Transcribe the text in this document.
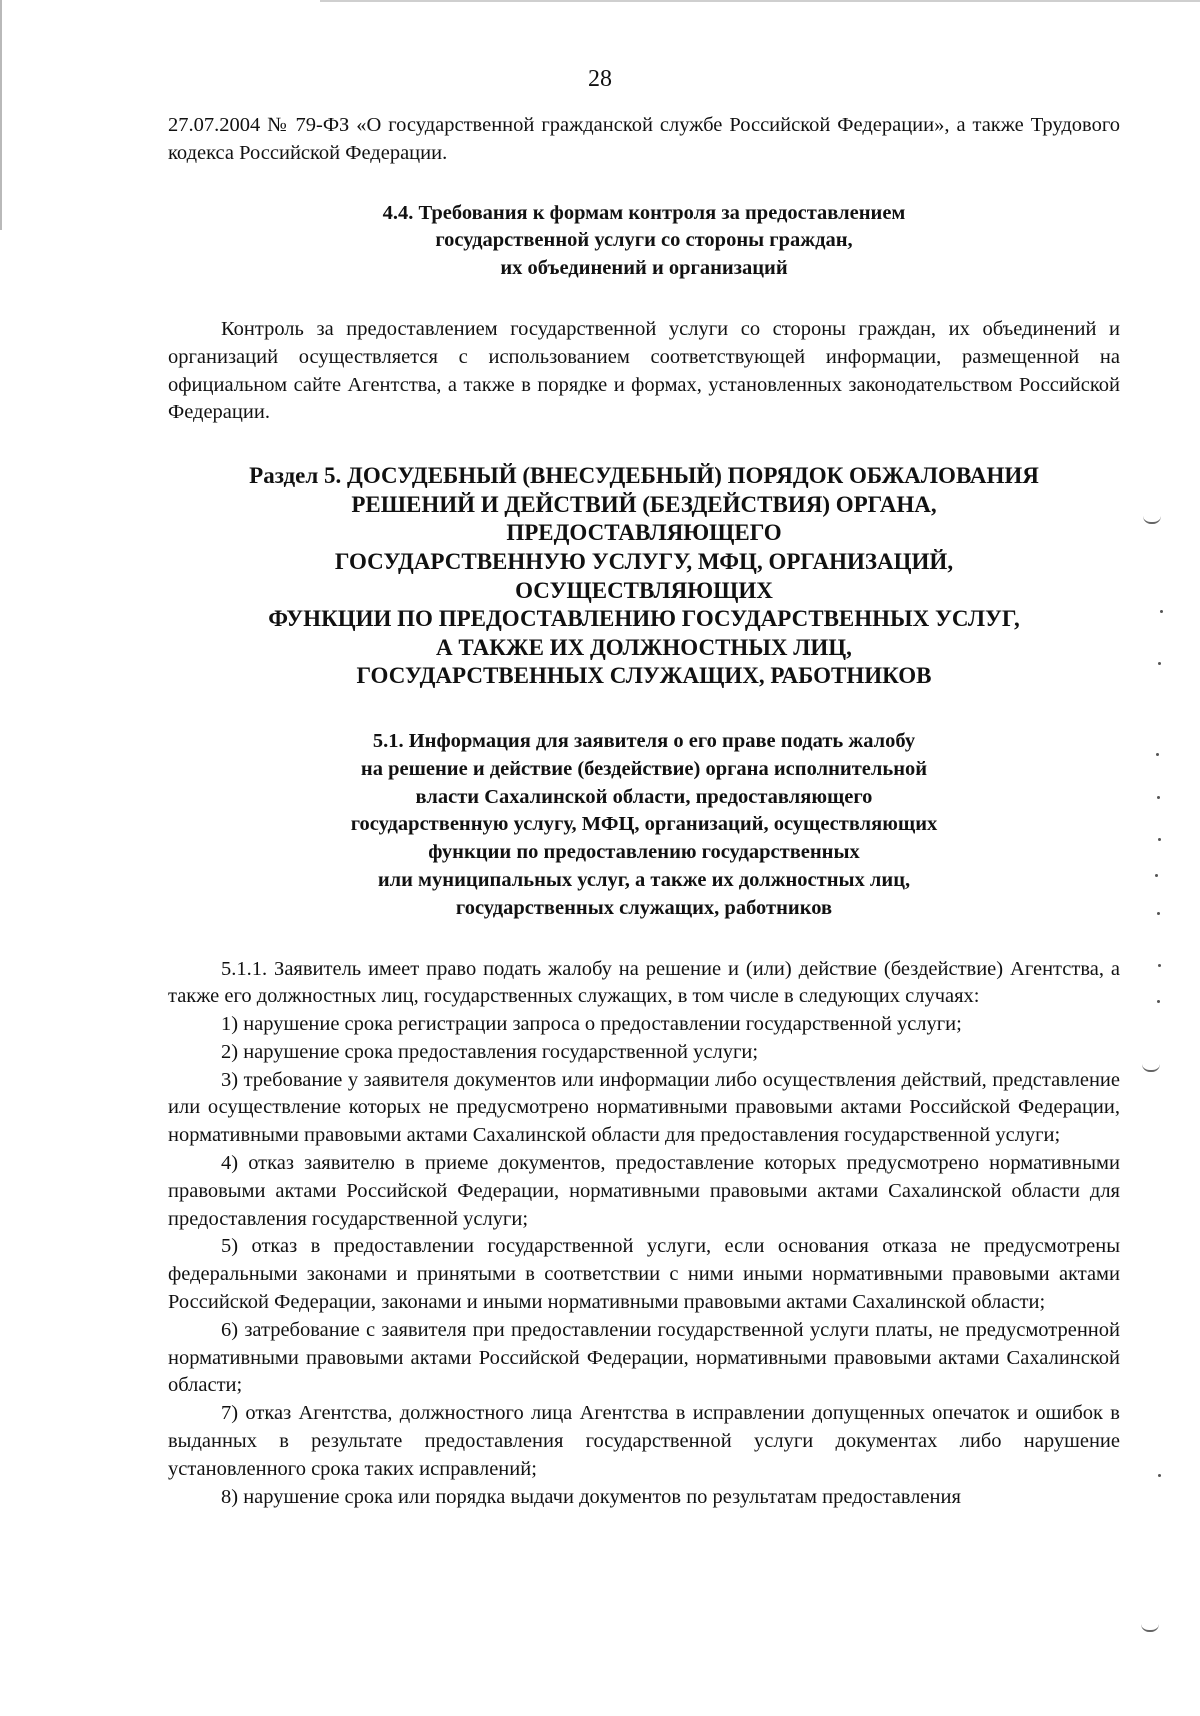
28

27.07.2004 № 79-ФЗ «О государственной гражданской службе Российской Федерации», а также Трудового кодекса Российской Федерации.

4.4. Требования к формам контроля за предоставлением
государственной услуги со стороны граждан,
их объединений и организаций

Контроль за предоставлением государственной услуги со стороны граждан, их объединений и организаций осуществляется с использованием соответствующей информации, размещенной на официальном сайте Агентства, а также в порядке и формах, установленных законодательством Российской Федерации.

Раздел 5. ДОСУДЕБНЫЙ (ВНЕСУДЕБНЫЙ) ПОРЯДОК ОБЖАЛОВАНИЯ
РЕШЕНИЙ И ДЕЙСТВИЙ (БЕЗДЕЙСТВИЯ) ОРГАНА,
ПРЕДОСТАВЛЯЮЩЕГО
ГОСУДАРСТВЕННУЮ УСЛУГУ, МФЦ, ОРГАНИЗАЦИЙ,
ОСУЩЕСТВЛЯЮЩИХ
ФУНКЦИИ ПО ПРЕДОСТАВЛЕНИЮ ГОСУДАРСТВЕННЫХ УСЛУГ,
А ТАКЖЕ ИХ ДОЛЖНОСТНЫХ ЛИЦ,
ГОСУДАРСТВЕННЫХ СЛУЖАЩИХ, РАБОТНИКОВ
5.1. Информация для заявителя о его праве подать жалобу
на решение и действие (бездействие) органа исполнительной
власти Сахалинской области, предоставляющего
государственную услугу, МФЦ, организаций, осуществляющих
функции по предоставлению государственных
или муниципальных услуг, а также их должностных лиц,
государственных служащих, работников

5.1.1. Заявитель имеет право подать жалобу на решение и (или) действие (бездействие) Агентства, а также его должностных лиц, государственных служащих, в том числе в следующих случаях:

1) нарушение срока регистрации запроса о предоставлении государственной услуги;
2) нарушение срока предоставления государственной услуги;
3) требование у заявителя документов или информации либо осуществления действий, представление или осуществление которых не предусмотрено нормативными правовыми актами Российской Федерации, нормативными правовыми актами Сахалинской области для предоставления государственной услуги;
4) отказ заявителю в приеме документов, предоставление которых предусмотрено нормативными правовыми актами Российской Федерации, нормативными правовыми актами Сахалинской области для предоставления государственной услуги;
5) отказ в предоставлении государственной услуги, если основания отказа не предусмотрены федеральными законами и принятыми в соответствии с ними иными нормативными правовыми актами Российской Федерации, законами и иными нормативными правовыми актами Сахалинской области;
6) затребование с заявителя при предоставлении государственной услуги платы, не предусмотренной нормативными правовыми актами Российской Федерации, нормативными правовыми актами Сахалинской области;
7) отказ Агентства, должностного лица Агентства в исправлении допущенных опечаток и ошибок в выданных в результате предоставления государственной услуги документах либо нарушение установленного срока таких исправлений;
8) нарушение срока или порядка выдачи документов по результатам предоставления
